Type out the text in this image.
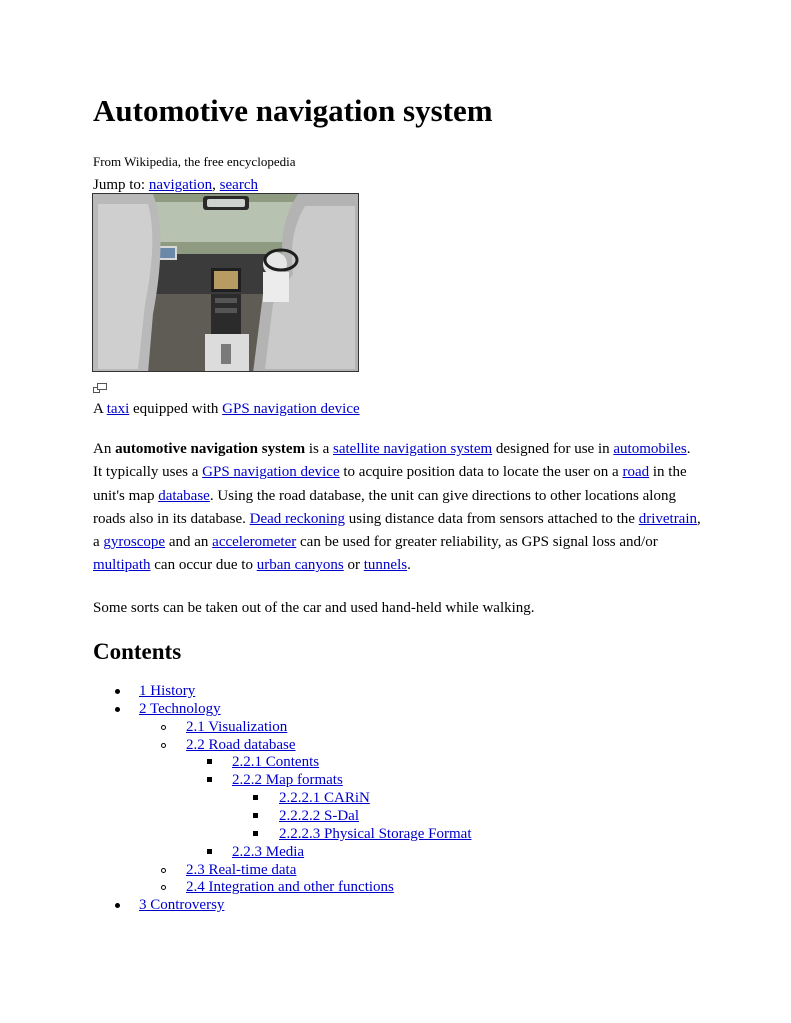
Automotive navigation system
From Wikipedia, the free encyclopedia
Jump to: navigation, search
A taxi equipped with GPS navigation device

An automotive navigation system is a satellite navigation system designed for use in automobiles. It typically uses a GPS navigation device to acquire position data to locate the user on a road in the unit's map database. Using the road database, the unit can give directions to other locations along roads also in its database. Dead reckoning using distance data from sensors attached to the drivetrain, a gyroscope and an accelerometer can be used for greater reliability, as GPS signal loss and/or multipath can occur due to urban canyons or tunnels.

Some sorts can be taken out of the car and used hand-held while walking.
Contents
1 History
2 Technology
2.1 Visualization
2.2 Road database
2.2.1 Contents
2.2.2 Map formats
2.2.2.1 CARiN
2.2.2.2 S-Dal
2.2.2.3 Physical Storage Format
2.2.3 Media
2.3 Real-time data
2.4 Integration and other functions
3 Controversy
